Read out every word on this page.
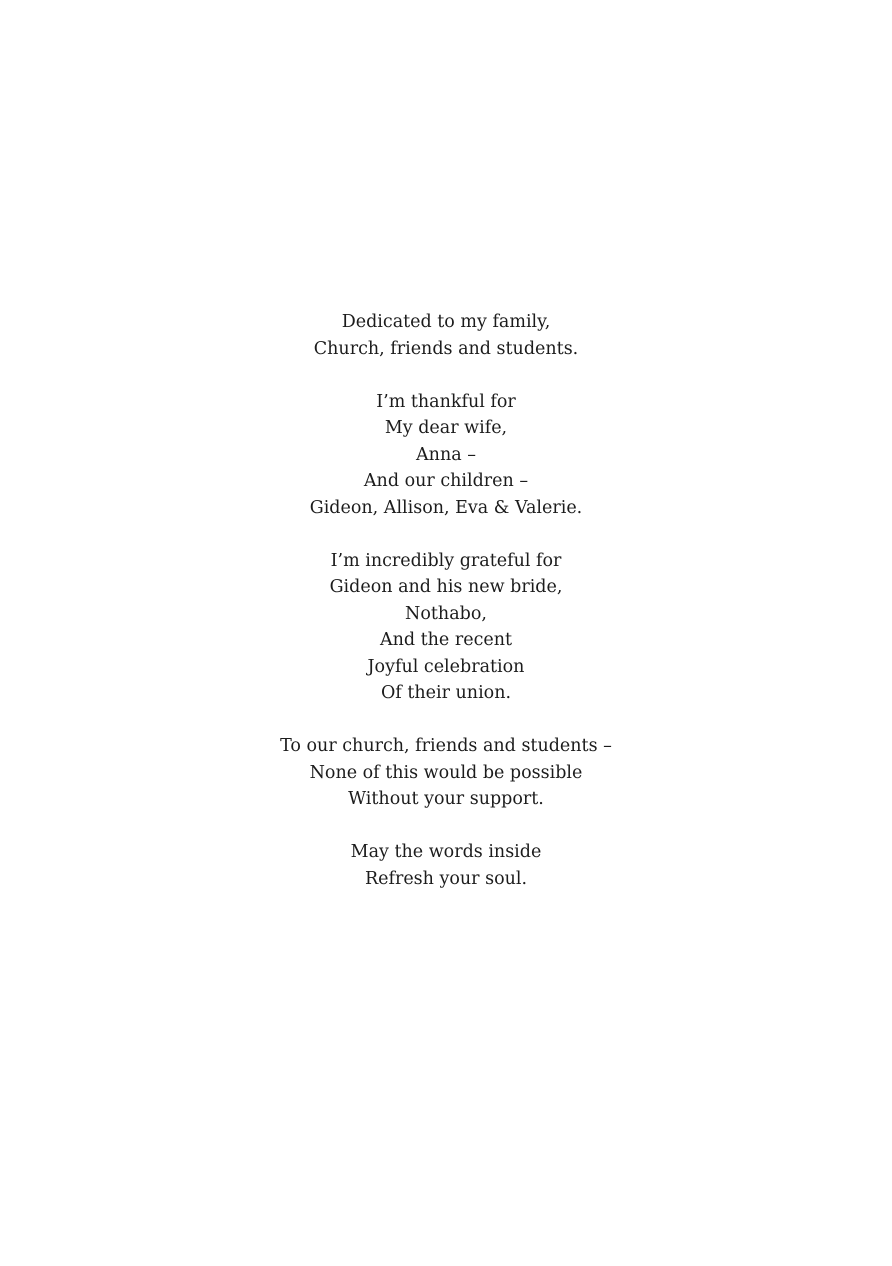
Dedicated to my family,
Church, friends and students.
I’m thankful for
My dear wife,
Anna –
And our children –
Gideon, Allison, Eva & Valerie.
I’m incredibly grateful for
Gideon and his new bride,
Nothabo,
And the recent
Joyful celebration
Of their union.
To our church, friends and students –
None of this would be possible
Without your support.
May the words inside
Refresh your soul.
